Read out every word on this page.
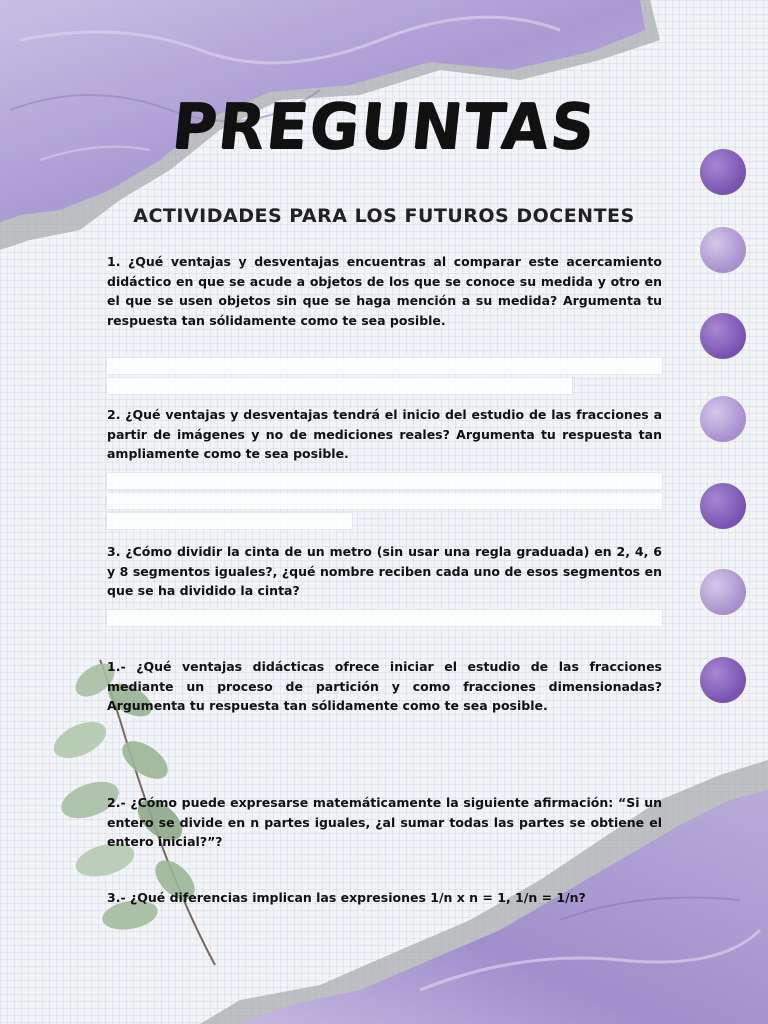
PREGUNTAS
ACTIVIDADES PARA LOS FUTUROS DOCENTES

1. ¿Qué ventajas y desventajas encuentras al comparar este acercamiento didáctico en que se acude a objetos de los que se conoce su medida y otro en el que se usen objetos sin que se haga mención a su medida? Argumenta tu respuesta tan sólidamente como te sea posible.

2. ¿Qué ventajas y desventajas tendrá el inicio del estudio de las fracciones a partir de imágenes y no de mediciones reales? Argumenta tu respuesta tan ampliamente como te sea posible.

3. ¿Cómo dividir la cinta de un metro (sin usar una regla graduada) en 2, 4, 6 y 8 segmentos iguales?, ¿qué nombre reciben cada uno de esos segmentos en que se ha dividido la cinta?

1.- ¿Qué ventajas didácticas ofrece iniciar el estudio de las fracciones mediante un proceso de partición y como fracciones dimensionadas? Argumenta tu respuesta tan sólidamente como te sea posible.

2.- ¿Cómo puede expresarse matemáticamente la siguiente afirmación: “Si un entero se divide en n partes iguales, ¿al sumar todas las partes se obtiene el entero inicial?”?

3.- ¿Qué diferencias implican las expresiones 1/n x n = 1, 1/n = 1/n?
